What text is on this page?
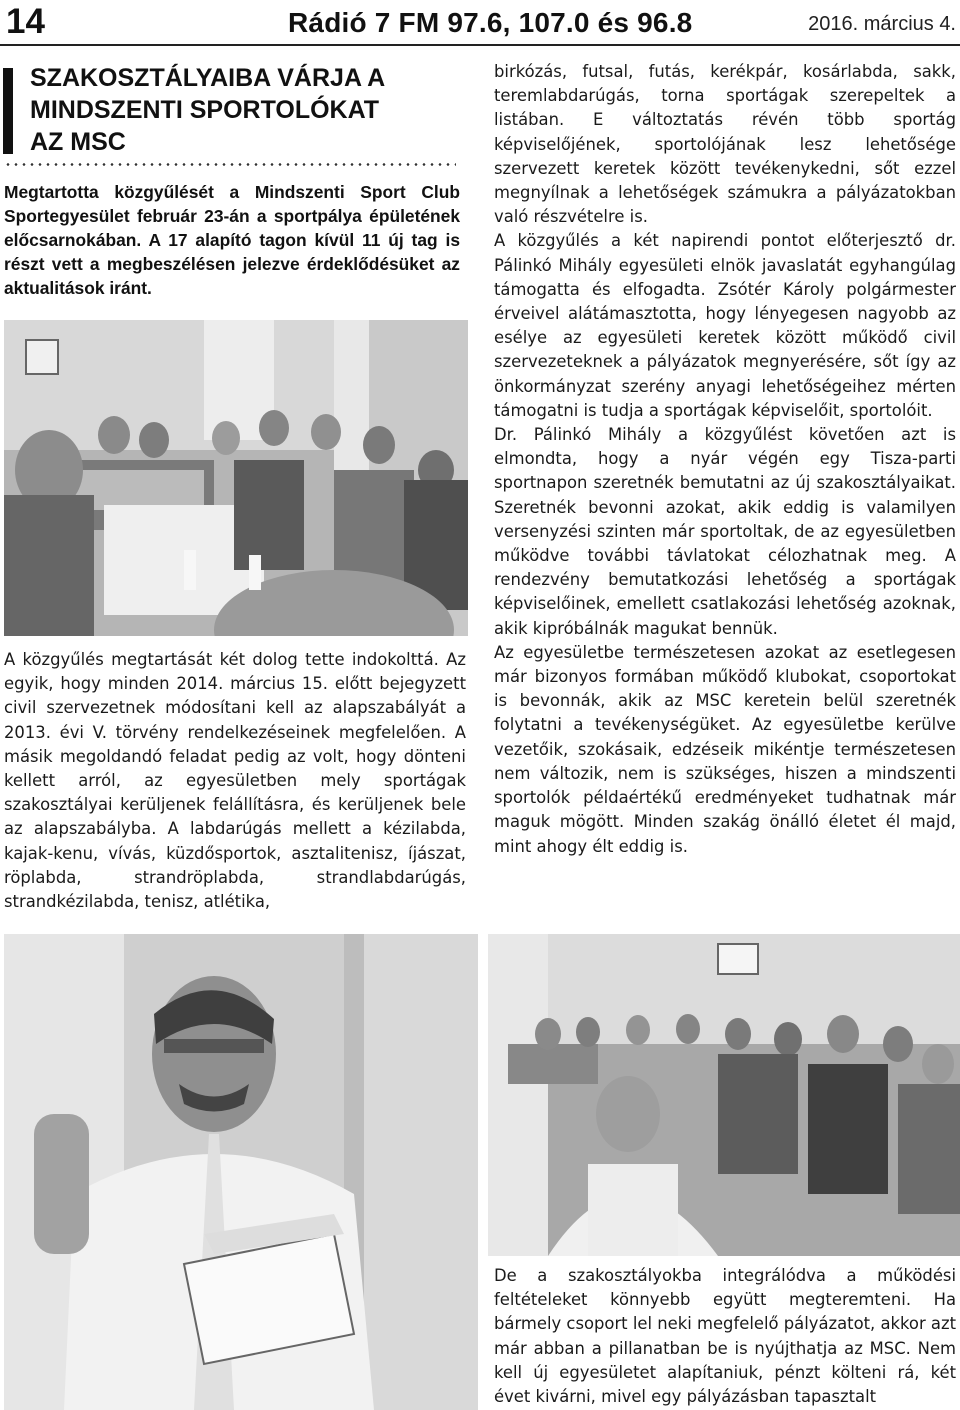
14	Rádió 7 FM 97.6, 107.0 és 96.8	2016. március 4.
SZAKOSZTÁLYAIBA VÁRJA A
MINDSZENTI SPORTOLÓKAT
AZ MSC
Megtartotta közgyűlését a Mindszenti Sport Club Sportegyesület február 23-án a sportpálya épületének előcsarnokában. A 17 alapító tagon kívül 11 új tag is részt vett a megbeszélésen jelezve érdeklődésüket az aktualitások iránt.

A közgyűlés megtartását két dolog tette indokolttá. Az egyik, hogy minden 2014. március 15. előtt bejegyzett civil szervezetnek módosítani kell az alapszabályát a 2013. évi V. törvény rendelkezéseinek megfelelően. A másik megoldandó feladat pedig az volt, hogy dönteni kellett arról, az egyesületben mely sportágak szakosztályai kerüljenek felállításra, és kerüljenek bele az alapszabályba. A labdarúgás mellett a kézilabda, kajak-kenu, vívás, küzdősportok, asztalitenisz, íjászat, röplabda, strandröplabda, strandlabdarúgás, strandkézilabda, tenisz, atlétika,

birkózás, futsal, futás, kerékpár, kosárlabda, sakk, teremlabdarúgás, torna sportágak szerepeltek a listában. E változtatás révén több sportág képviselőjének, sportolójának lesz lehetősége szervezett keretek között tevékenykedni, sőt ezzel megnyílnak a lehetőségek számukra a pályázatokban való részvételre is.

A közgyűlés a két napirendi pontot előterjesztő dr. Pálinkó Mihály egyesületi elnök javaslatát egyhangúlag támogatta és elfogadta. Zsótér Károly polgármester érveivel alátámasztotta, hogy lényegesen nagyobb az esélye az egyesületi keretek között működő civil szervezeteknek a pályázatok megnyerésére, sőt így az önkormányzat szerény anyagi lehetőségeihez mérten támogatni is tudja a sportágak képviselőit, sportolóit.

Dr. Pálinkó Mihály a közgyűlést követően azt is elmondta, hogy a nyár végén egy Tisza-parti sportnapon szeretnék bemutatni az új szakosztályaikat. Szeretnék bevonni azokat, akik eddig is valamilyen versenyzési szinten már sportoltak, de az egyesületben működve további távlatokat célozhatnak meg. A rendezvény bemutatkozási lehetőség a sportágak képviselőinek, emellett csatlakozási lehetőség azoknak, akik kipróbálnák magukat bennük.

Az egyesületbe természetesen azokat az esetlegesen már bizonyos formában működő klubokat, csoportokat is bevonnák, akik az MSC keretein belül szeretnék folytatni a tevékenységüket. Az egyesületbe kerülve vezetőik, szokásaik, edzéseik mikéntje természetesen nem változik, nem is szükséges, hiszen a mindszenti sportolók példaértékű eredményeket tudhatnak már maguk mögött. Minden szakág önálló életet él majd, mint ahogy élt eddig is.

De a szakosztályokba integrálódva a működési feltételeket könnyebb együtt megteremteni. Ha bármely csoport lel neki megfelelő pályázatot, akkor azt már abban a pillanatban be is nyújthatja az MSC. Nem kell új egyesületet alapítaniuk, pénzt költeni rá, két évet kivárni, mivel egy pályázásban tapasztalt
